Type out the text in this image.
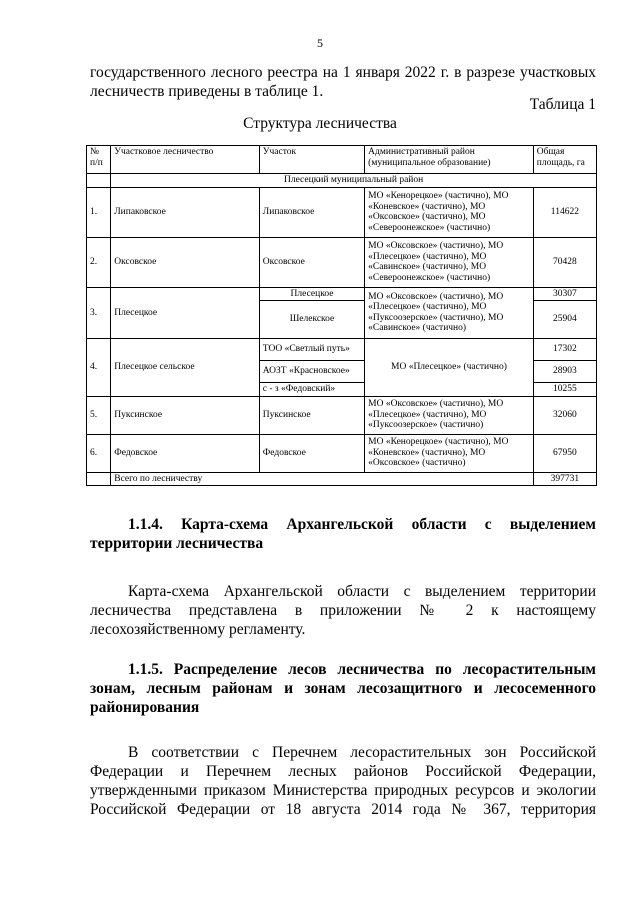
5
государственного лесного реестра на 1 января 2022 г. в разрезе участковых
лесничеств приведены в таблице 1.
Таблица 1
Структура лесничества
№ п/п	Участковое лесничество	Участок	Административный район (муниципальное образование)	Общая площадь, га
	Плесецкий муниципальный район			
1.	Липаковское	Липаковское	МО «Кенорецкое» (частично), МО «Коневское» (частично), МО «Оксовское» (частично), МО «Североонежское» (частично)	114622
2.	Оксовское	Оксовское	МО «Оксовское» (частично), МО «Плесецкое» (частично), МО «Савинское» (частично), МО «Североонежское» (частично)	70428
3.	Плесецкое	Плесецкое	МО «Оксовское» (частично), МО «Плесецкое» (частично), МО «Пуксоозерское» (частично), МО «Савинское» (частично)	30307
		Шелекское		25904
4.	Плесецкое сельское	ТОО «Светлый путь»	МО «Плесецкое» (частично)	17302
		АОЗТ «Красновское»		28903
		с - з «Федовский»		10255
5.	Пуксинское	Пуксинское	МО «Оксовское» (частично), МО «Плесецкое» (частично), МО «Пуксоозерское» (частично)	32060
6.	Федовское	Федовское	МО «Кенорецкое» (частично), МО «Коневское» (частично), МО «Оксовское» (частично)	67950
	Всего по лесничеству			397731
1.1.4. Карта-схема Архангельской области с выделением
территории лесничества
Карта-схема Архангельской области с выделением территории
лесничества представлена в приложении № 2 к настоящему
лесохозяйственному регламенту.
1.1.5. Распределение лесов лесничества по лесорастительным
зонам, лесным районам и зонам лесозащитного и лесосеменного
районирования
В соответствии с Перечнем лесорастительных зон Российской
Федерации и Перечнем лесных районов Российской Федерации,
утвержденными приказом Министерства природных ресурсов и экологии
Российской Федерации от 18 августа 2014 года № 367, территория
